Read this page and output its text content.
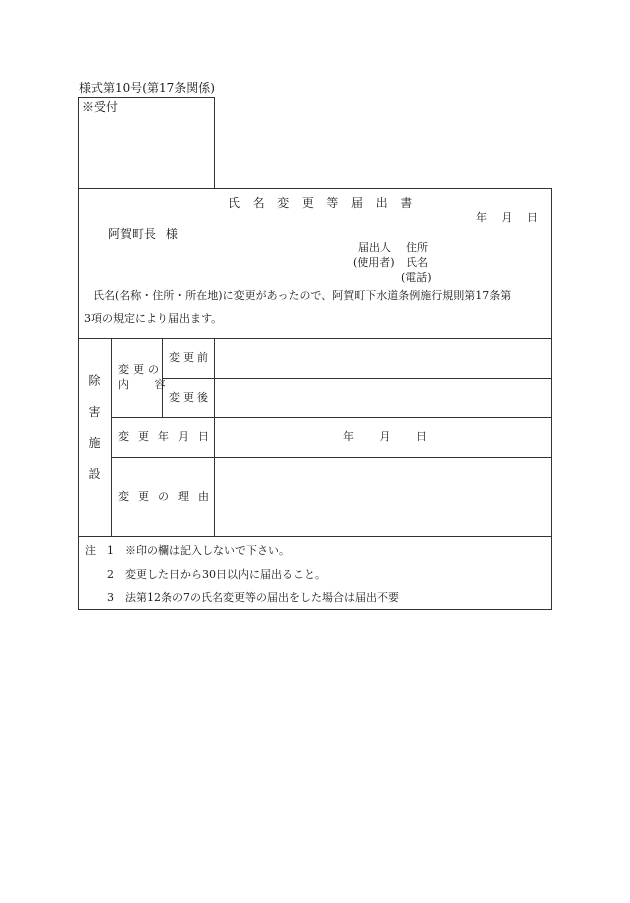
様式第10号(第17条関係)
※受付
氏名変更等届出書
年 月 日
阿賀町長 様
届出人 住所
(使用者) 氏名
(電話)
氏名(名称・住所・所在地)に変更があったので、阿賀町下水道条例施行規則第17条第
3項の規定により届出ます。
除害施設
変更の
内 容
変更前
変更後
変更年月日	年 月 日
変更の理由
注 1 ※印の欄は記入しないで下さい。
2 変更した日から30日以内に届出ること。
3 法第12条の7の氏名変更等の届出をした場合は届出不要
